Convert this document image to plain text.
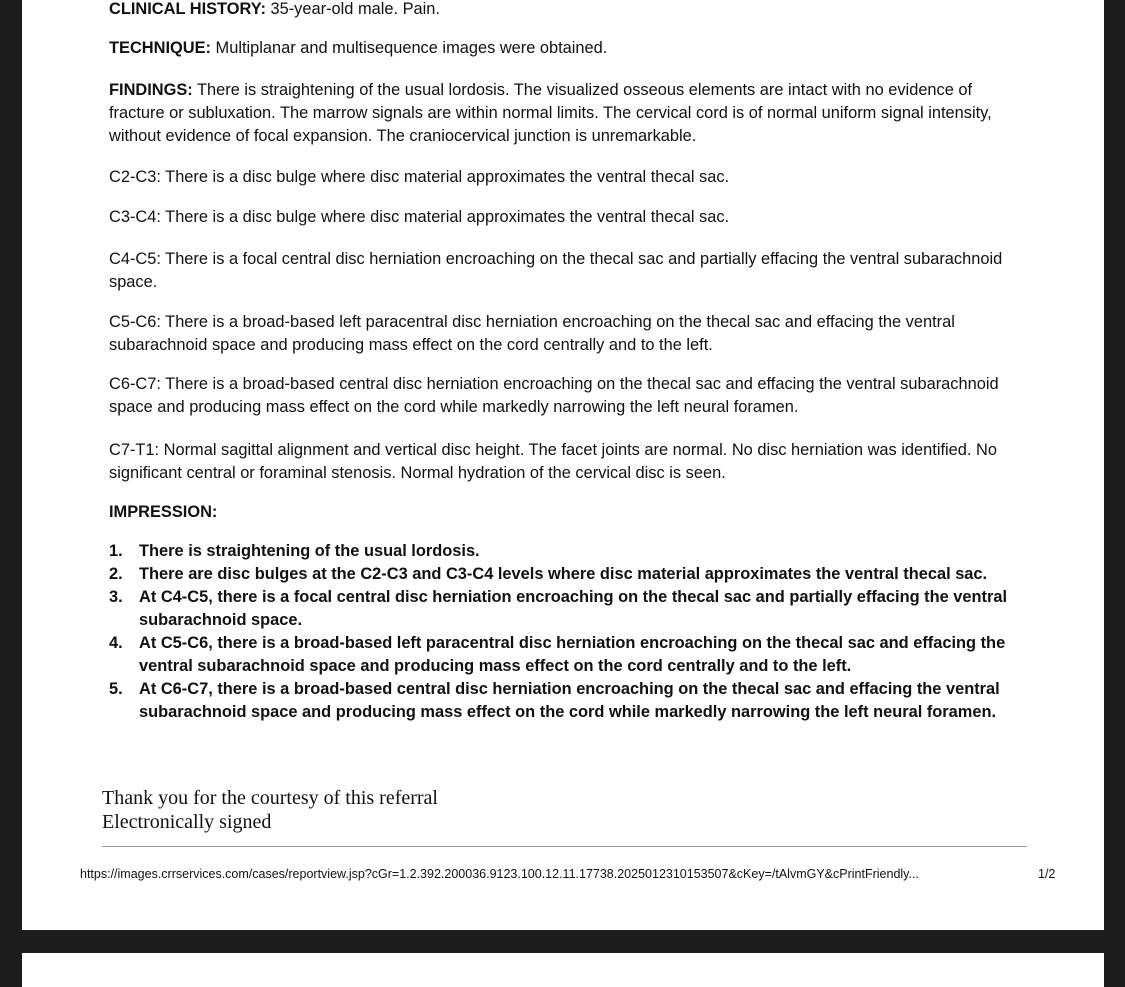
CLINICAL HISTORY: 35-year-old male. Pain.

TECHNIQUE: Multiplanar and multisequence images were obtained.

FINDINGS: There is straightening of the usual lordosis. The visualized osseous elements are intact with no evidence of fracture or subluxation. The marrow signals are within normal limits. The cervical cord is of normal uniform signal intensity, without evidence of focal expansion. The craniocervical junction is unremarkable.

C2-C3: There is a disc bulge where disc material approximates the ventral thecal sac.

C3-C4: There is a disc bulge where disc material approximates the ventral thecal sac.

C4-C5: There is a focal central disc herniation encroaching on the thecal sac and partially effacing the ventral subarachnoid space.

C5-C6: There is a broad-based left paracentral disc herniation encroaching on the thecal sac and effacing the ventral subarachnoid space and producing mass effect on the cord centrally and to the left.

C6-C7: There is a broad-based central disc herniation encroaching on the thecal sac and effacing the ventral subarachnoid space and producing mass effect on the cord while markedly narrowing the left neural foramen.

C7-T1: Normal sagittal alignment and vertical disc height. The facet joints are normal. No disc herniation was identified. No significant central or foraminal stenosis. Normal hydration of the cervical disc is seen.

IMPRESSION:

1. There is straightening of the usual lordosis.
2. There are disc bulges at the C2-C3 and C3-C4 levels where disc material approximates the ventral thecal sac.
3. At C4-C5, there is a focal central disc herniation encroaching on the thecal sac and partially effacing the ventral subarachnoid space.
4. At C5-C6, there is a broad-based left paracentral disc herniation encroaching on the thecal sac and effacing the ventral subarachnoid space and producing mass effect on the cord centrally and to the left.
5. At C6-C7, there is a broad-based central disc herniation encroaching on the thecal sac and effacing the ventral subarachnoid space and producing mass effect on the cord while markedly narrowing the left neural foramen.

Thank you for the courtesy of this referral

Electronically signed

https://images.crrservices.com/cases/reportview.jsp?cGr=1.2.392.200036.9123.100.12.11.17738.2025012310153507&cKey=/tAlvmGY&cPrintFriendly...	1/2
